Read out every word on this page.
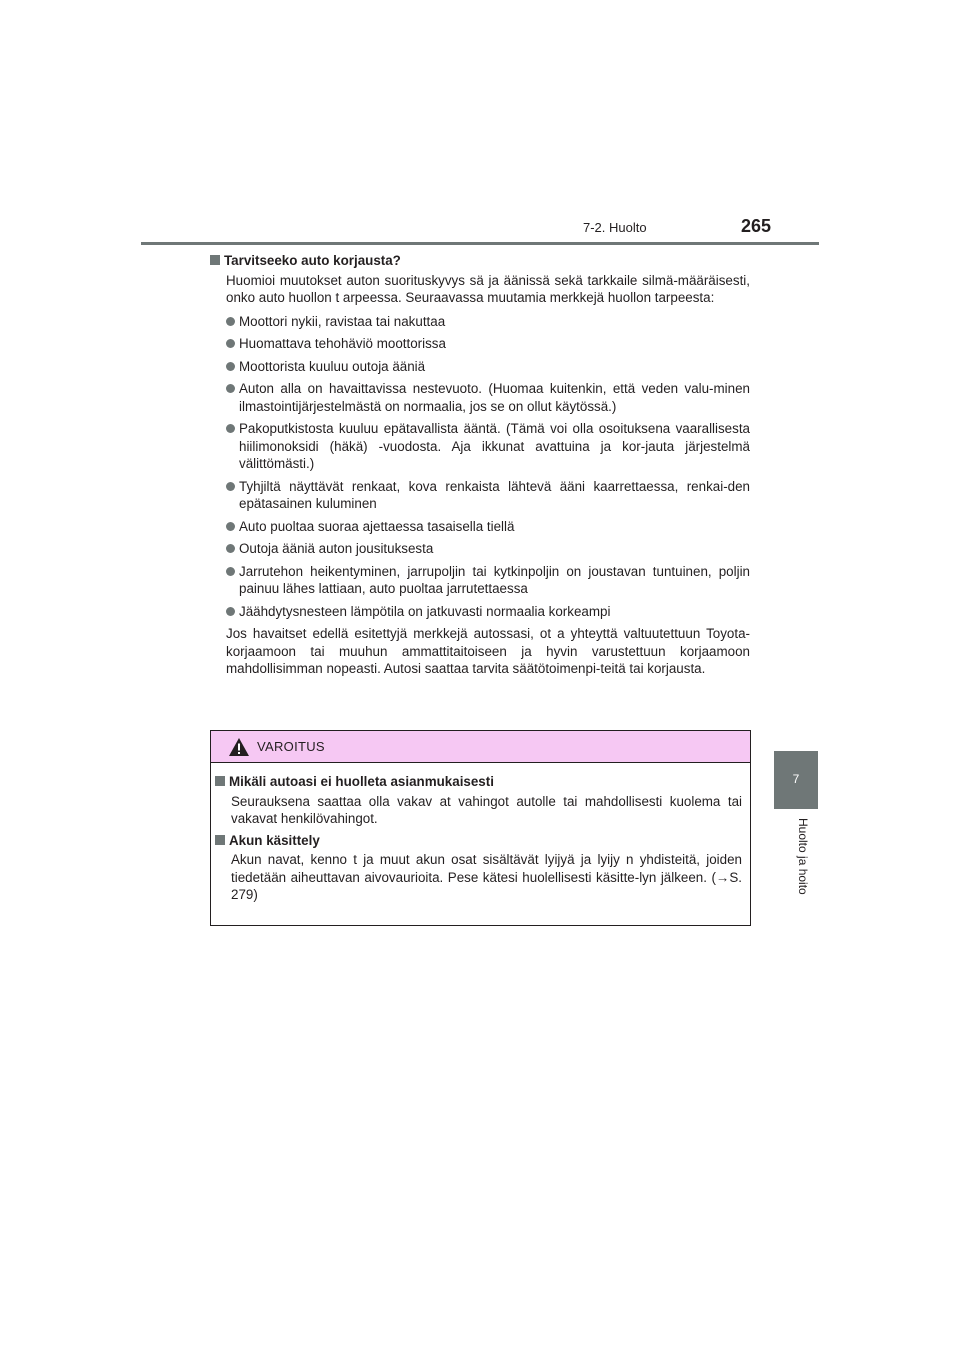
7-2. Huolto	265
7
Huolto ja hoito
Tarvitseeko auto korjausta?

Huomioi muutokset auton suorituskyvys sä ja äänissä sekä tarkkaile silmä-määräisesti, onko auto huollon t arpeessa. Seuraavassa muutamia merkkejä huollon tarpeesta:

Moottori nykii, ravistaa tai nakuttaa
Huomattava tehohäviö moottorissa
Moottorista kuuluu outoja ääniä
Auton alla on havaittavissa nestevuoto. (Huomaa kuitenkin, että veden valu-minen ilmastointijärjestelmästä on normaalia, jos se on ollut käytössä.)
Pakoputkistosta kuuluu epätavallista ääntä. (Tämä voi olla osoituksena vaarallisesta hiilimonoksidi (häkä) -vuodosta. Aja ikkunat avattuina ja kor-jauta järjestelmä välittömästi.)
Tyhjiltä näyttävät renkaat, kova renkaista lähtevä ääni kaarrettaessa, renkai-den epätasainen kuluminen
Auto puoltaa suoraa ajettaessa tasaisella tiellä
Outoja ääniä auton jousituksesta
Jarrutehon heikentyminen, jarrupoljin tai kytkinpoljin on joustavan tuntuinen, poljin painuu lähes lattiaan, auto puoltaa jarrutettaessa
Jäähdytysnesteen lämpötila on jatkuvasti normaalia korkeampi

Jos havaitset edellä esitettyjä merkkejä autossasi, ot a yhteyttä valtuutettuun Toyota-korjaamoon tai muuhun ammattitaitoiseen ja hyvin varustettuun korjaamoon mahdollisimman nopeasti. Autosi saattaa tarvita säätötoimenpi-teitä tai korjausta.

VAROITUS
Mikäli autoasi ei huolleta asianmukaisesti

Seurauksena saattaa olla vakav at vahingot autolle tai mahdollisesti kuolema tai vakavat henkilövahingot.

Akun käsittely

Akun navat, kenno t ja muut akun osat sisältävät lyijyä ja lyijy n yhdisteitä, joiden tiedetään aiheuttavan aivovaurioita. Pese kätesi huolellisesti käsitte-lyn jälkeen. (→S. 279)
